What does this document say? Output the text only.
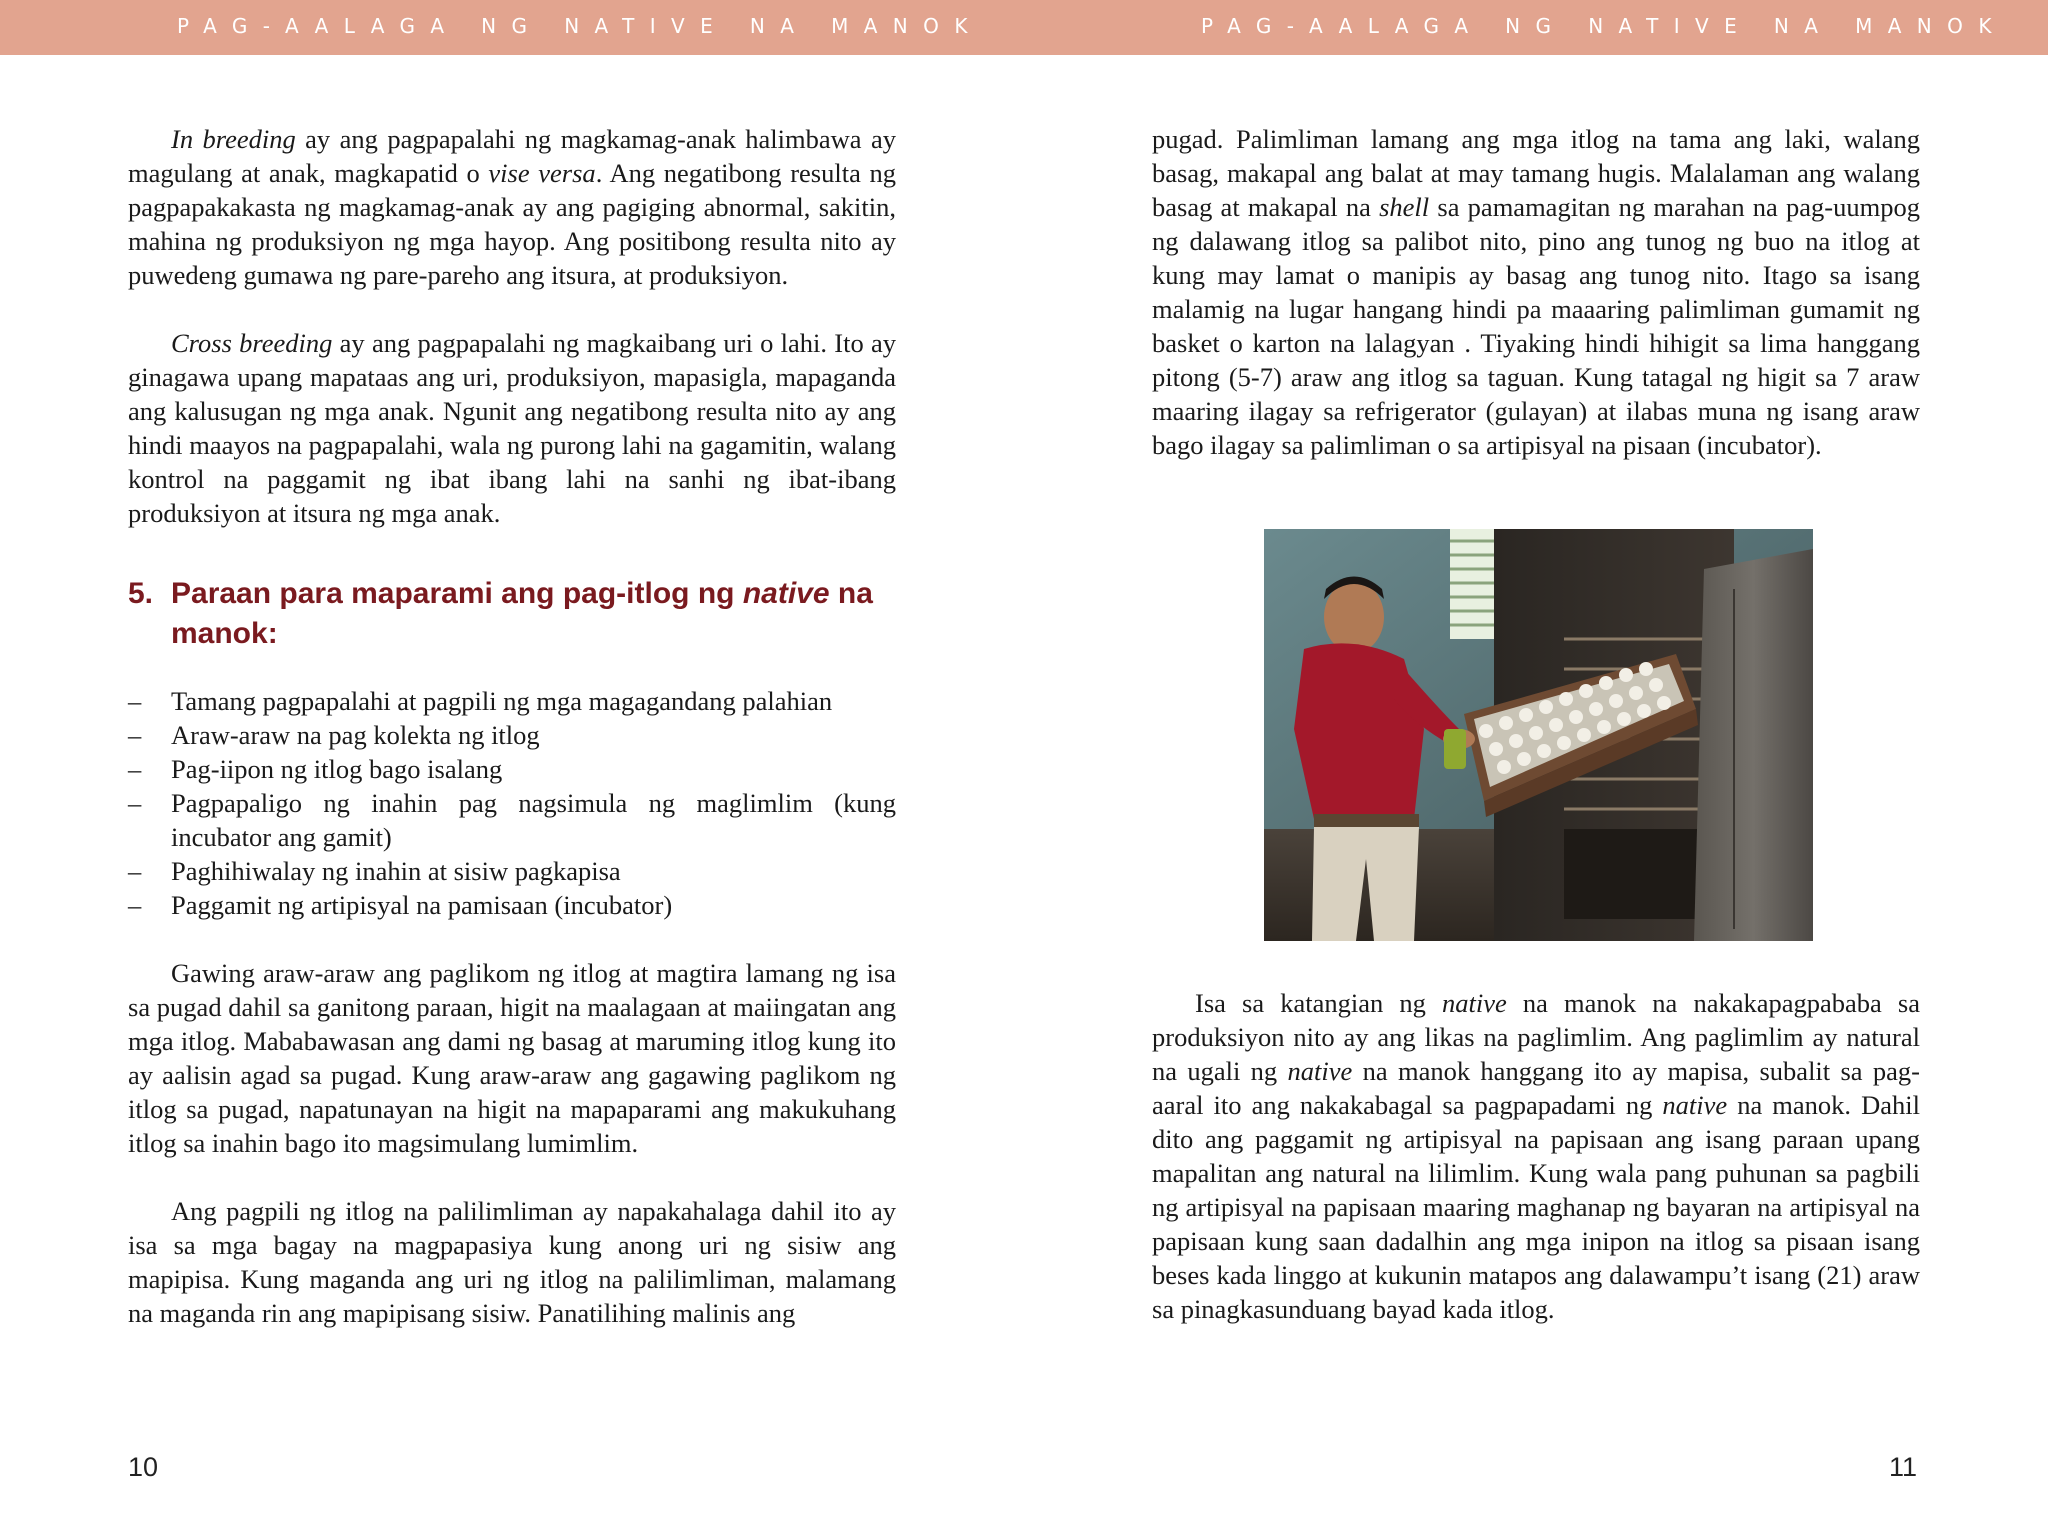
PAG-AALAGA NG NATIVE NA MANOK	PAG-AALAGA NG NATIVE NA MANOK

In breeding ay ang pagpapalahi ng magkamag-anak halimbawa ay magulang at anak, magkapatid o vise versa. Ang negatibong resulta ng pagpapakakasta ng magkamag-anak ay ang pagiging abnormal, sakitin, mahina ng produksiyon ng mga hayop. Ang positibong resulta nito ay puwedeng gumawa ng pare-pareho ang itsura, at produksiyon.

Cross breeding ay ang pagpapalahi ng magkaibang uri o lahi. Ito ay ginagawa upang mapataas ang uri, produksiyon, mapasigla, mapaganda ang kalusugan ng mga anak. Ngunit ang negatibong resulta nito ay ang hindi maayos na pagpapalahi, wala ng purong lahi na gagamitin, walang kontrol na paggamit ng ibat ibang lahi na sanhi ng ibat-ibang produksiyon at itsura ng mga anak.

5. Paraan para maparami ang pag-itlog ng native na manok:
– Tamang pagpapalahi at pagpili ng mga magagandang palahian
– Araw-araw na pag kolekta ng itlog
– Pag-iipon ng itlog bago isalang
– Pagpapaligo ng inahin pag nagsimula ng maglimlim (kung incubator ang gamit)
– Paghihiwalay ng inahin at sisiw pagkapisa
– Paggamit ng artipisyal na pamisaan (incubator)

Gawing araw-araw ang paglikom ng itlog at magtira lamang ng isa sa pugad dahil sa ganitong paraan, higit na maalagaan at maiingatan ang mga itlog. Mababawasan ang dami ng basag at maruming itlog kung ito ay aalisin agad sa pugad. Kung araw-araw ang gagawing paglikom ng itlog sa pugad, napatunayan na higit na mapaparami ang makukuhang itlog sa inahin bago ito magsimulang lumimlim.

Ang pagpili ng itlog na palilimliman ay napakahalaga dahil ito ay isa sa mga bagay na magpapasiya kung anong uri ng sisiw ang mapipisa. Kung maganda ang uri ng itlog na palilimliman, malamang na maganda rin ang mapipisang sisiw. Panatilihing malinis ang

10

pugad. Palimliman lamang ang mga itlog na tama ang laki, walang basag, makapal ang balat at may tamang hugis. Malalaman ang walang basag at makapal na shell sa pamamagitan ng marahan na pag-uumpog ng dalawang itlog sa palibot nito, pino ang tunog ng buo na itlog at kung may lamat o manipis ay basag ang tunog nito. Itago sa isang malamig na lugar hangang hindi pa maaaring palimliman gumamit ng basket o karton na lalagyan . Tiyaking hindi hihigit sa lima hanggang pitong (5-7) araw ang itlog sa taguan. Kung tatagal ng higit sa 7 araw maaring ilagay sa refrigerator (gulayan) at ilabas muna ng isang araw bago ilagay sa palimliman o sa artipisyal na pisaan (incubator).

Isa sa katangian ng native na manok na nakakapagpababa sa produksiyon nito ay ang likas na paglimlim. Ang paglimlim ay natural na ugali ng native na manok hanggang ito ay mapisa, subalit sa pag-aaral ito ang nakakabagal sa pagpapadami ng native na manok. Dahil dito ang paggamit ng artipisyal na papisaan ang isang paraan upang mapalitan ang natural na lilimlim. Kung wala pang puhunan sa pagbili ng artipisyal na papisaan maaring maghanap ng bayaran na artipisyal na papisaan kung saan dadalhin ang mga inipon na itlog sa pisaan isang beses kada linggo at kukunin matapos ang dalawampu’t isang (21) araw sa pinagkasunduang bayad kada itlog.

11
